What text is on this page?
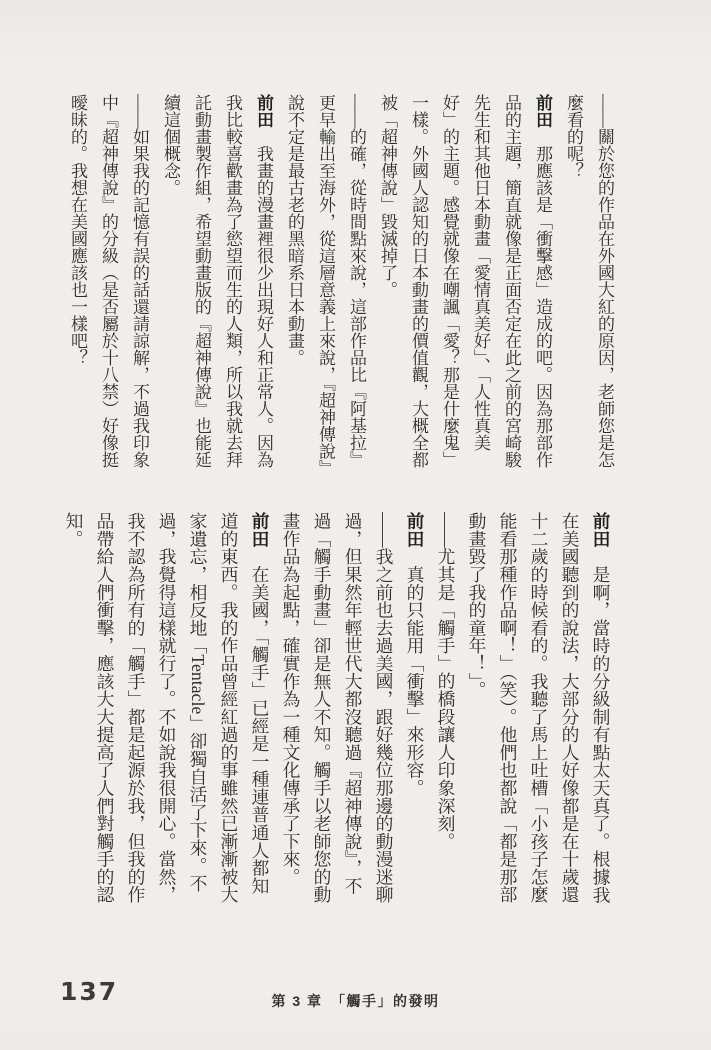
——關於您的作品在外國大紅的原因，老師您是怎麼看的呢？

前田　那應該是「衝擊感」造成的吧。因為那部作品的主題，簡直就像是正面否定在此之前的宮崎駿先生和其他日本動畫「愛情真美好」、「人性真美好」的主題。感覺就像在嘲諷「愛？那是什麼鬼」一樣。外國人認知的日本動畫的價值觀，大概全都被「超神傳說」毀滅掉了。

——的確，從時間點來說，這部作品比『阿基拉』更早輸出至海外，從這層意義上來說，『超神傳說』說不定是最古老的黑暗系日本動畫。

前田　我畫的漫畫裡很少出現好人和正常人。因為我比較喜歡畫為了慾望而生的人類，所以我就去拜託動畫製作組，希望動畫版的『超神傳說』也能延續這個概念。

——如果我的記憶有誤的話還請諒解，不過我印象中『超神傳說』的分級（是否屬於十八禁）好像挺曖昧的。我想在美國應該也一樣吧？

前田　是啊，當時的分級制有點太天真了。根據我在美國聽到的說法，大部分的人好像都是在十歲還十二歲的時候看的。我聽了馬上吐槽「小孩子怎麼能看那種作品啊！」（笑）。他們也都說「都是那部動畫毀了我的童年！」。

——尤其是「觸手」的橋段讓人印象深刻。

前田　真的只能用「衝擊」來形容。

——我之前也去過美國，跟好幾位那邊的動漫迷聊過，但果然年輕世代大都沒聽過『超神傳說』，不過「觸手動畫」卻是無人不知。觸手以老師您的動畫作品為起點，確實作為一種文化傳承了下來。

前田　在美國，「觸手」已經是一種連普通人都知道的東西。我的作品曾經紅過的事雖然已漸漸被大家遺忘，相反地「Tentacle」卻獨自活了下來。不過，我覺得這樣就行了。不如說我很開心。當然，我不認為所有的「觸手」都是起源於我，但我的作品帶給人們衝擊，應該大大提高了人們對觸手的認知。

137	第 3 章　「觸手」的發明
